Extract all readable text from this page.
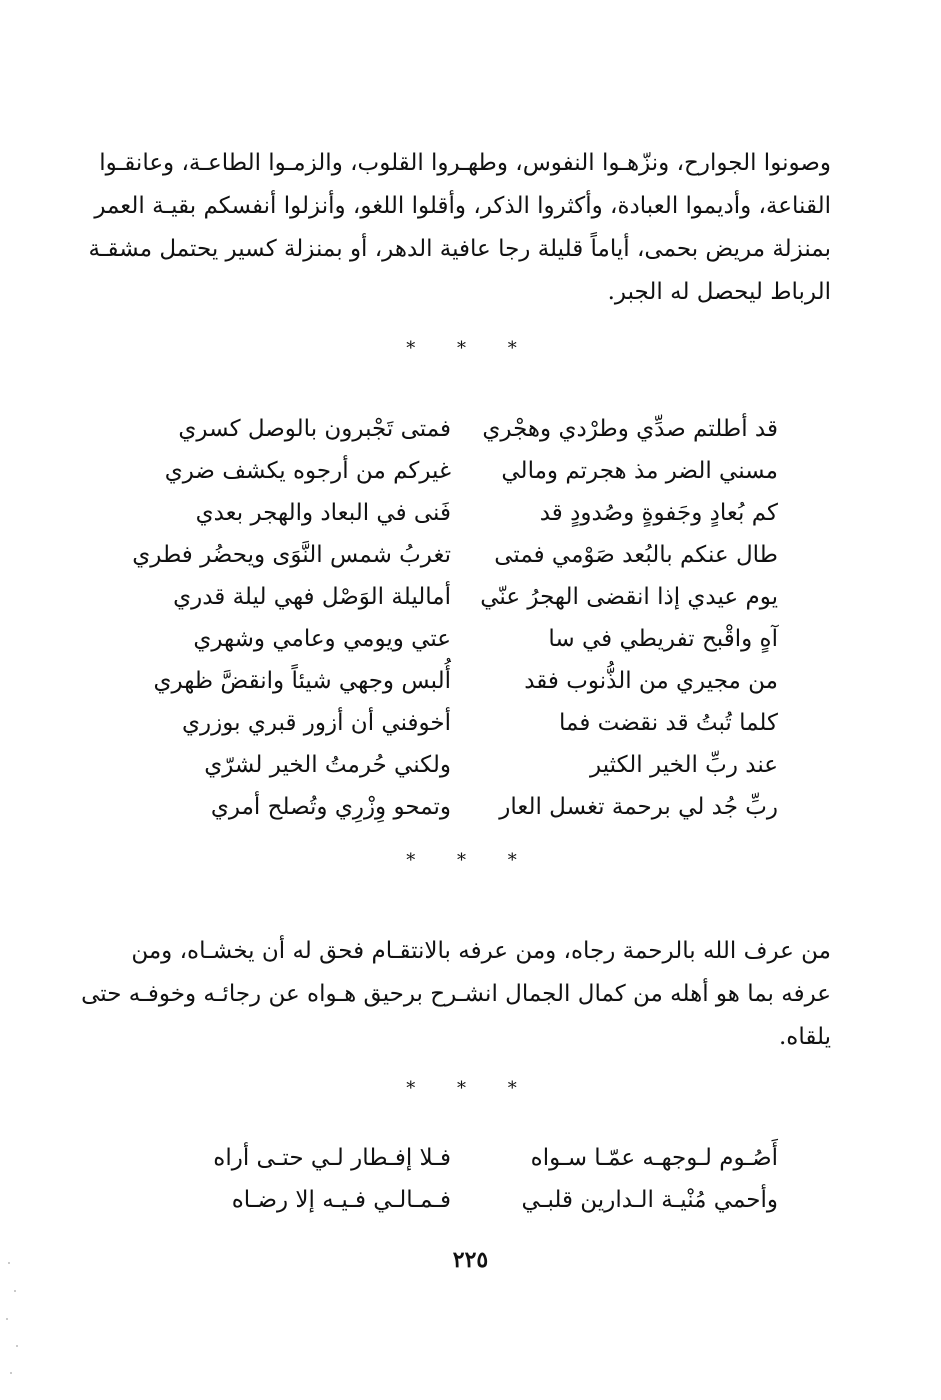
وصونوا الجوارح، ونزّهـوا النفوس، وطهـروا القلوب، والزمـوا الطاعـة، وعانقـوا
القناعة، وأديموا العبادة، وأكثروا الذكر، وأقلوا اللغو، وأنزلوا أنفسكم بقيـة العمر
بمنزلة مريض بحمى، أياماً قليلة رجا عافية الدهر، أو بمنزلة كسير يحتمل مشقـة
الرباط ليحصل له الجبر.

* * *
قد أطلتم صدِّي وطرْدي وهجْري
فمتى تَجْبرون بالوصل كسري
مسني الضر مذ هجرتم ومالي
غيركم من أرجوه يكشف ضري
كم بُعادٍ وجَفوةٍ وصُدودٍ قد
فَنى في البعاد والهجر بعدي
طال عنكم بالبُعد صَوْمي فمتى
تغربُ شمس النَّوَى ويحضُر فطري
يوم عيدي إذا انقضى الهجرُ عنّي
أماليلة الوَصْل فهي ليلة قدري
آهٍ واقْبح تفريطي في سا
عتي ويومي وعامي وشهري
من مجيري من الذُّنوب فقد
أُلبس وجهي شيئاً وانقضَّ ظهري
كلما تُبتُ قد نقضت فما
أخوفني أن أزور قبري بوزري
عند ربِّ الخير الكثير
ولكني حُرمتُ الخير لشرّي
ربِّ جُد لي برحمة تغسل العار
وتمحو وِزْرِي وتُصلح أمري
* * *

من عرف الله بالرحمة رجاه، ومن عرفه بالانتقـام فحق له أن يخشـاه، ومن
عرفه بما هو أهله من كمال الجمال انشـرح برحيق هـواه عن رجائـه وخوفـه حتى
يلقاه.

* * *
أَصُـوم لـوجهـه عمّـا سـواه
فـلا إفـطار لـي حتـى أراه
وأحمي مُنْيـة الـدارين قلبـي
فـمـالـي فـيـه إلا رضـاه
٢٢٥
